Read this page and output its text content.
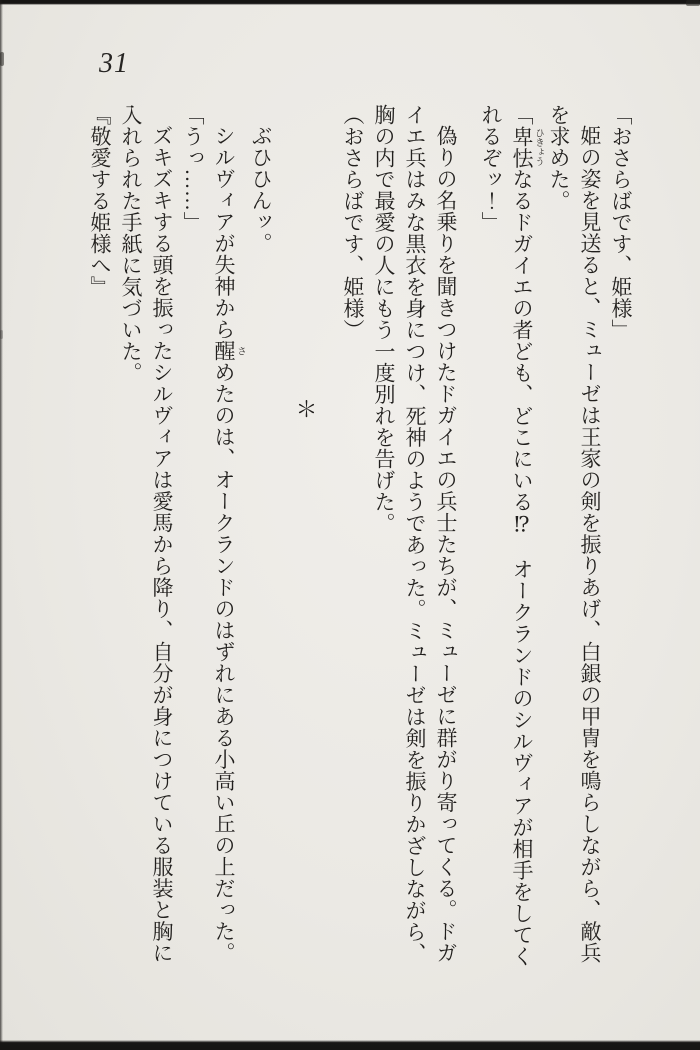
31

「おさらばです、姫様」

姫の姿を見送ると、ミューゼは王家の剣を振りあげ、白銀の甲冑を鳴らしながら、敵兵

を求めた。

「卑怯 ひきょうなるドガイエの者ども、どこにいる⁉　オークランドのシルヴィアが相手をしてく

れるぞッ！」

偽りの名乗りを聞きつけたドガイエの兵士たちが、ミューゼに群がり寄ってくる。ドガ

イエ兵はみな黒衣を身につけ、死神のようであった。ミューゼは剣を振りかざしながら、

胸の内で最愛の人にもう一度別れを告げた。

（おさらばです、姫様）

＊

ぶひひんッ。

シルヴィアが失神から醒 さめたのは、オークランドのはずれにある小高い丘の上だった。

「うっ……」

ズキズキする頭を振ったシルヴィアは愛馬から降り、自分が身につけている服装と胸に

入れられた手紙に気づいた。

『敬愛する姫様へ』
